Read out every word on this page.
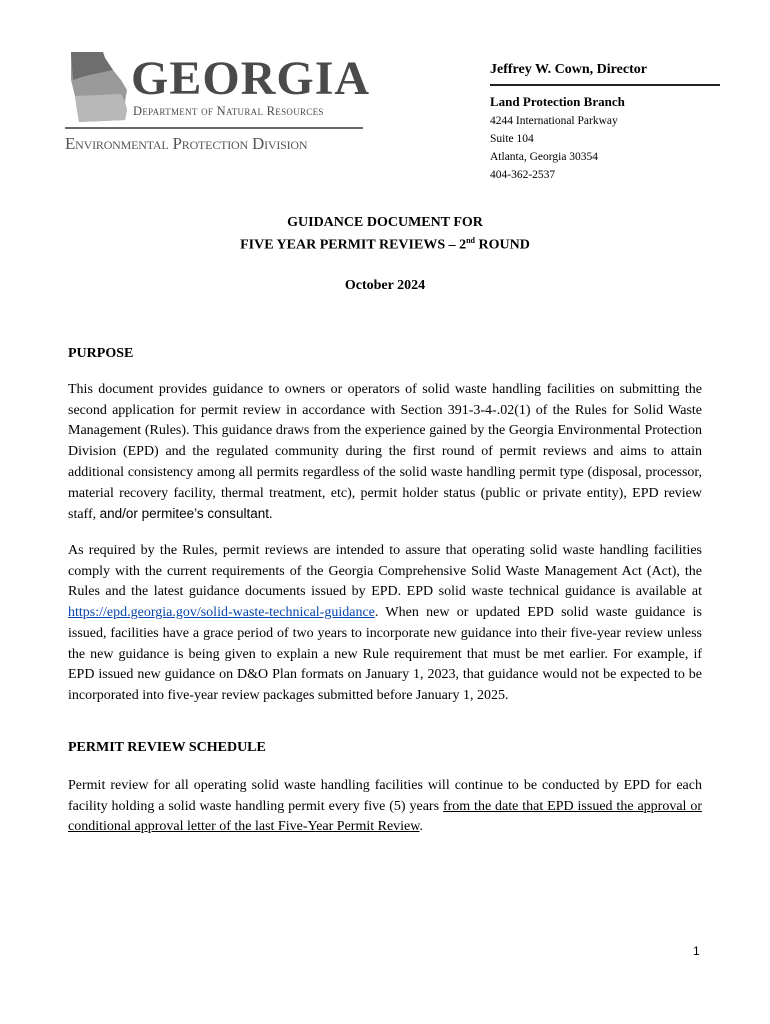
GEORGIA
Department of Natural Resources
Environmental Protection Division
Jeffrey W. Cown, Director
Land Protection Branch
4244 International Parkway
Suite 104
Atlanta, Georgia 30354
404-362-2537
GUIDANCE DOCUMENT FOR
FIVE YEAR PERMIT REVIEWS – 2nd ROUND
October 2024
PURPOSE
This document provides guidance to owners or operators of solid waste handling facilities on submitting the second application for permit review in accordance with Section 391-3-4-.02(1) of the Rules for Solid Waste Management (Rules). This guidance draws from the experience gained by the Georgia Environmental Protection Division (EPD) and the regulated community during the first round of permit reviews and aims to attain additional consistency among all permits regardless of the solid waste handling permit type (disposal, processor, material recovery facility, thermal treatment, etc), permit holder status (public or private entity), EPD review staff, and/or permitee’s consultant.
As required by the Rules, permit reviews are intended to assure that operating solid waste handling facilities comply with the current requirements of the Georgia Comprehensive Solid Waste Management Act (Act), the Rules and the latest guidance documents issued by EPD. EPD solid waste technical guidance is available at https://epd.georgia.gov/solid-waste-technical-guidance. When new or updated EPD solid waste guidance is issued, facilities have a grace period of two years to incorporate new guidance into their five-year review unless the new guidance is being given to explain a new Rule requirement that must be met earlier. For example, if EPD issued new guidance on D&O Plan formats on January 1, 2023, that guidance would not be expected to be incorporated into five-year review packages submitted before January 1, 2025.
PERMIT REVIEW SCHEDULE
Permit review for all operating solid waste handling facilities will continue to be conducted by EPD for each facility holding a solid waste handling permit every five (5) years from the date that EPD issued the approval or conditional approval letter of the last Five-Year Permit Review.
1
